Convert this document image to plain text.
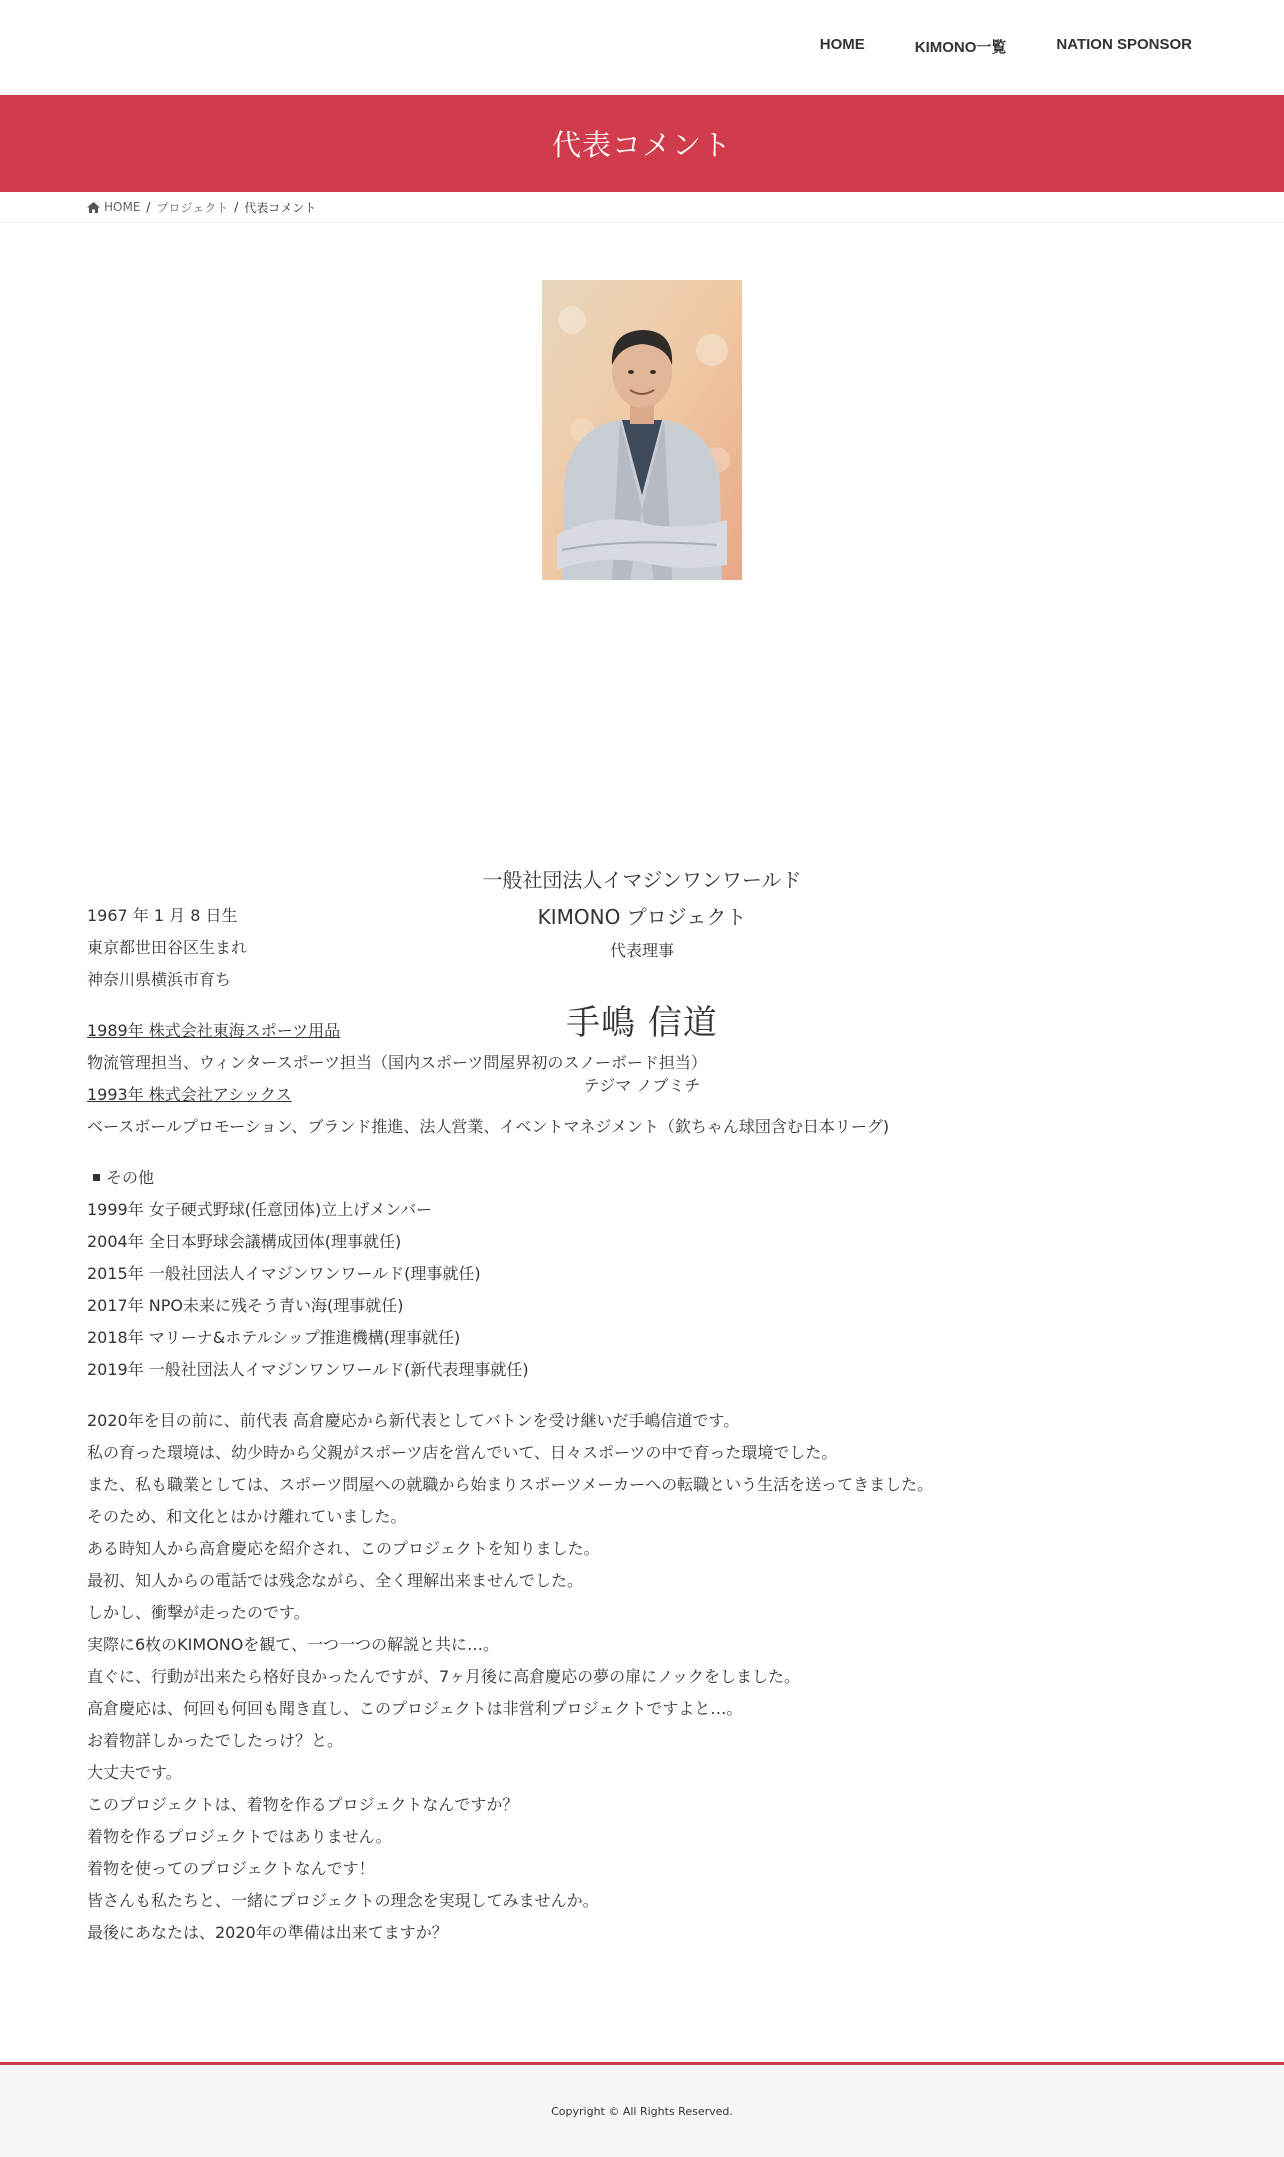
HOME	KIMONO一覧	NATION SPONSOR
代表コメント
HOME / プロジェクト / 代表コメント
一般社団法人イマジンワンワールド
KIMONO プロジェクト
代表理事
手嶋 信道
テジマ ノブミチ

1967 年 1 月 8 日生

東京都世田谷区生まれ

神奈川県横浜市育ち

1989年 株式会社東海スポーツ用品

物流管理担当、ウィンタースポーツ担当（国内スポーツ問屋界初のスノーボード担当）

1993年 株式会社アシックス

ベースボールプロモーション、ブランド推進、法人営業、イベントマネジメント（欽ちゃん球団含む日本リーグ)

その他

1999年 女子硬式野球(任意団体)立上げメンバー

2004年 全日本野球会議構成団体(理事就任)

2015年 一般社団法人イマジンワンワールド(理事就任)

2017年 NPO未来に残そう青い海(理事就任)

2018年 マリーナ&ホテルシップ推進機構(理事就任)

2019年 一般社団法人イマジンワンワールド(新代表理事就任)

2020年を目の前に、前代表 高倉慶応から新代表としてバトンを受け継いだ手嶋信道です。

私の育った環境は、幼少時から父親がスポーツ店を営んでいて、日々スポーツの中で育った環境でした。

また、私も職業としては、スポーツ問屋への就職から始まりスポーツメーカーへの転職という生活を送ってきました。

そのため、和文化とはかけ離れていました。

ある時知人から高倉慶応を紹介され、このプロジェクトを知りました。

最初、知人からの電話では残念ながら、全く理解出来ませんでした。

しかし、衝撃が走ったのです。

実際に6枚のKIMONOを観て、一つ一つの解説と共に…。

直ぐに、行動が出来たら格好良かったんですが、7ヶ月後に高倉慶応の夢の扉にノックをしました。

高倉慶応は、何回も何回も聞き直し、このプロジェクトは非営利プロジェクトですよと…。

お着物詳しかったでしたっけ？と。

大丈夫です。

このプロジェクトは、着物を作るプロジェクトなんですか？

着物を作るプロジェクトではありません。

着物を使ってのプロジェクトなんです！

皆さんも私たちと、一緒にプロジェクトの理念を実現してみませんか。

最後にあなたは、2020年の準備は出来てますか？

Copyright © All Rights Reserved.
